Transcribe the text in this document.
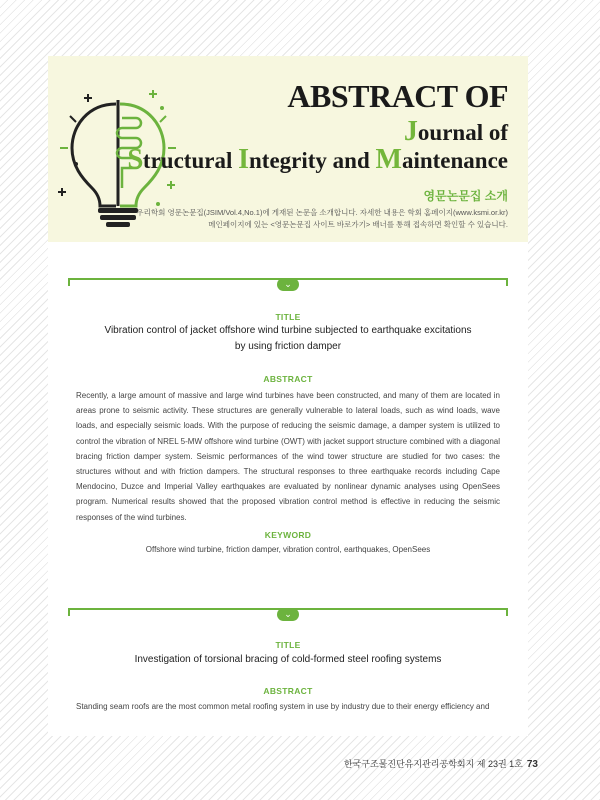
ABSTRACT OF
Journal of
Structural Integrity and Maintenance
영문논문집 소개
우리학회 영문논문집(JSIM/Vol.4,No.1)에 게재된 논문을 소개합니다. 자세한 내용은 학회 홈페이지(www.ksmi.or.kr)
메인페이지에 있는 <영문논문집 사이트 바로가기> 배너를 통해 접속하면 확인할 수 있습니다.
⌄
TITLE
Vibration control of jacket offshore wind turbine subjected to earthquake excitations
by using friction damper
ABSTRACT
Recently, a large amount of massive and large wind turbines have been constructed, and many of them are located in areas prone to seismic activity. These structures are generally vulnerable to lateral loads, such as wind loads, wave loads, and especially seismic loads. With the purpose of reducing the seismic damage, a damper system is utilized to control the vibration of NREL 5-MW offshore wind turbine (OWT) with jacket support structure combined with a diagonal bracing friction damper system. Seismic performances of the wind tower structure are studied for two cases: the structures without and with friction dampers. The structural responses to three earthquake records including Cape Mendocino, Duzce and Imperial Valley earthquakes are evaluated by nonlinear dynamic analyses using OpenSees program. Numerical results showed that the proposed vibration control method is effective in reducing the seismic responses of the wind turbines.
KEYWORD
Offshore wind turbine, friction damper, vibration control, earthquakes, OpenSees
⌄
TITLE
Investigation of torsional bracing of cold-formed steel roofing systems
ABSTRACT
Standing seam roofs are the most common metal roofing system in use by industry due to their energy efficiency and
한국구조물진단유지관리공학회지 제 23권 1호 73
